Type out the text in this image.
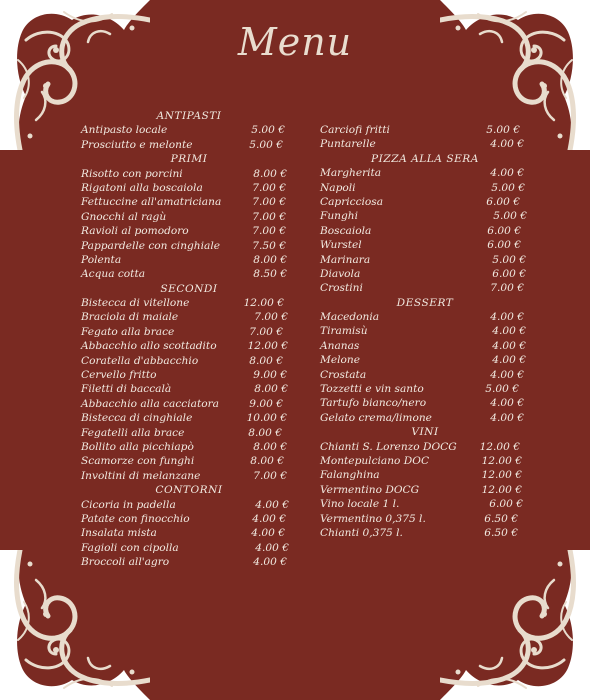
Menu
ANTIPASTI
Antipasto locale	5.00 €
Prosciutto e melonte	5.00 €
PRIMI
Risotto con porcini	8.00 €
Rigatoni alla boscaiola	7.00 €
Fettuccine all'amatriciana	7.00 €
Gnocchi al ragù	7.00 €
Ravioli al pomodoro	7.00 €
Pappardelle con cinghiale	7.50 €
Polenta	8.00 €
Acqua cotta	8.50 €
SECONDI
Bistecca di vitellone	12.00 €
Braciola di maiale	7.00 €
Fegato alla brace	7.00 €
Abbacchio allo scottadito	12.00 €
Coratella d'abbacchio	8.00 €
Cervello fritto	9.00 €
Filetti di baccalà	8.00 €
Abbacchio alla cacciatora	9.00 €
Bistecca di cinghiale	10.00 €
Fegatelli alla brace	8.00 €
Bollito alla picchiapò	8.00 €
Scamorze con funghi	8.00 €
Involtini di melanzane	7.00 €
CONTORNI
Cicoria in padella	4.00 €
Patate con finocchio	4.00 €
Insalata mista	4.00 €
Fagioli con cipolla	4.00 €
Broccoli all'agro	4.00 €
Carciofi fritti	5.00 €
Puntarelle	4.00 €
PIZZA ALLA SERA
Margherita	4.00 €
Napoli	5.00 €
Capricciosa	6.00 €
Funghi	5.00 €
Boscaiola	6.00 €
Wurstel	6.00 €
Marinara	5.00 €
Diavola	6.00 €
Crostini	7.00 €
DESSERT
Macedonia	4.00 €
Tiramisù	4.00 €
Ananas	4.00 €
Melone	4.00 €
Crostata	4.00 €
Tozzetti e vin santo	5.00 €
Tartufo bianco/nero	4.00 €
Gelato crema/limone	4.00 €
VINI
Chianti S. Lorenzo DOCG 12.00 €
Montepulciano DOC	12.00 €
Falanghina	12.00 €
Vermentino DOCG	12.00 €
Vino locale 1 l.	6.00 €
Vermentino 0,375 l.	6.50 €
Chianti 0,375 l.	6.50 €
